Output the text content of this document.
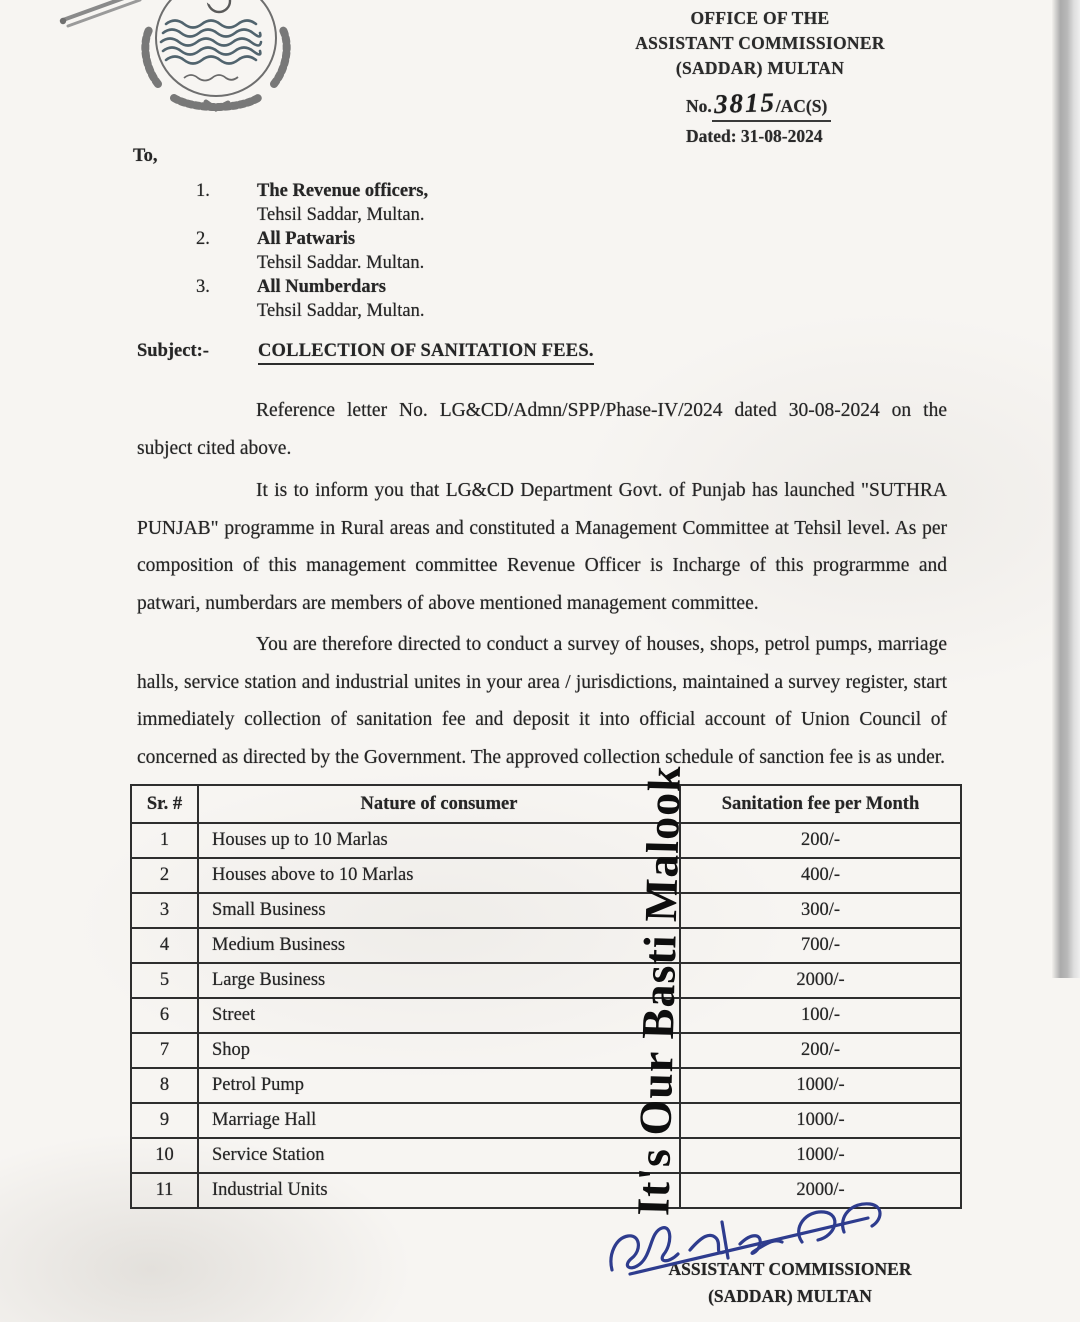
OFFICE OF THE
ASSISTANT COMMISSIONER
(SADDAR) MULTAN
No.3815/AC(S)
Dated: 31-08-2024
To,
1.	The Revenue officers,
Tehsil Saddar, Multan.
2.	All Patwaris
Tehsil Saddar. Multan.
3.	All Numberdars
Tehsil Saddar, Multan.
Subject:-	COLLECTION OF SANITATION FEES.
Reference letter No. LG&CD/Admn/SPP/Phase-IV/2024 dated 30-08-2024 on the subject cited above.
It is to inform you that LG&CD Department Govt. of Punjab has launched "SUTHRA PUNJAB" programme in Rural areas and constituted a Management Committee at Tehsil level. As per composition of this management committee Revenue Officer is Incharge of this prograrmme and patwari, numberdars are members of above mentioned management committee.
You are therefore directed to conduct a survey of houses, shops, petrol pumps, marriage halls, service station and industrial unites in your area / jurisdictions, maintained a survey register, start immediately collection of sanitation fee and deposit it into official account of Union Council of concerned as directed by the Government. The approved collection schedule of sanction fee is as under.
Sr. #	Nature of consumer	Sanitation fee per Month
1	Houses up to 10 Marlas	200/-
2	Houses above to 10 Marlas	400/-
3	Small Business	300/-
4	Medium Business	700/-
5	Large Business	2000/-
6	Street	100/-
7	Shop	200/-
8	Petrol Pump	1000/-
9	Marriage Hall	1000/-
10	Service Station	1000/-
11	Industrial Units	2000/-
It's Our Basti Malook
ASSISTANT COMMISSIONER
(SADDAR) MULTAN
